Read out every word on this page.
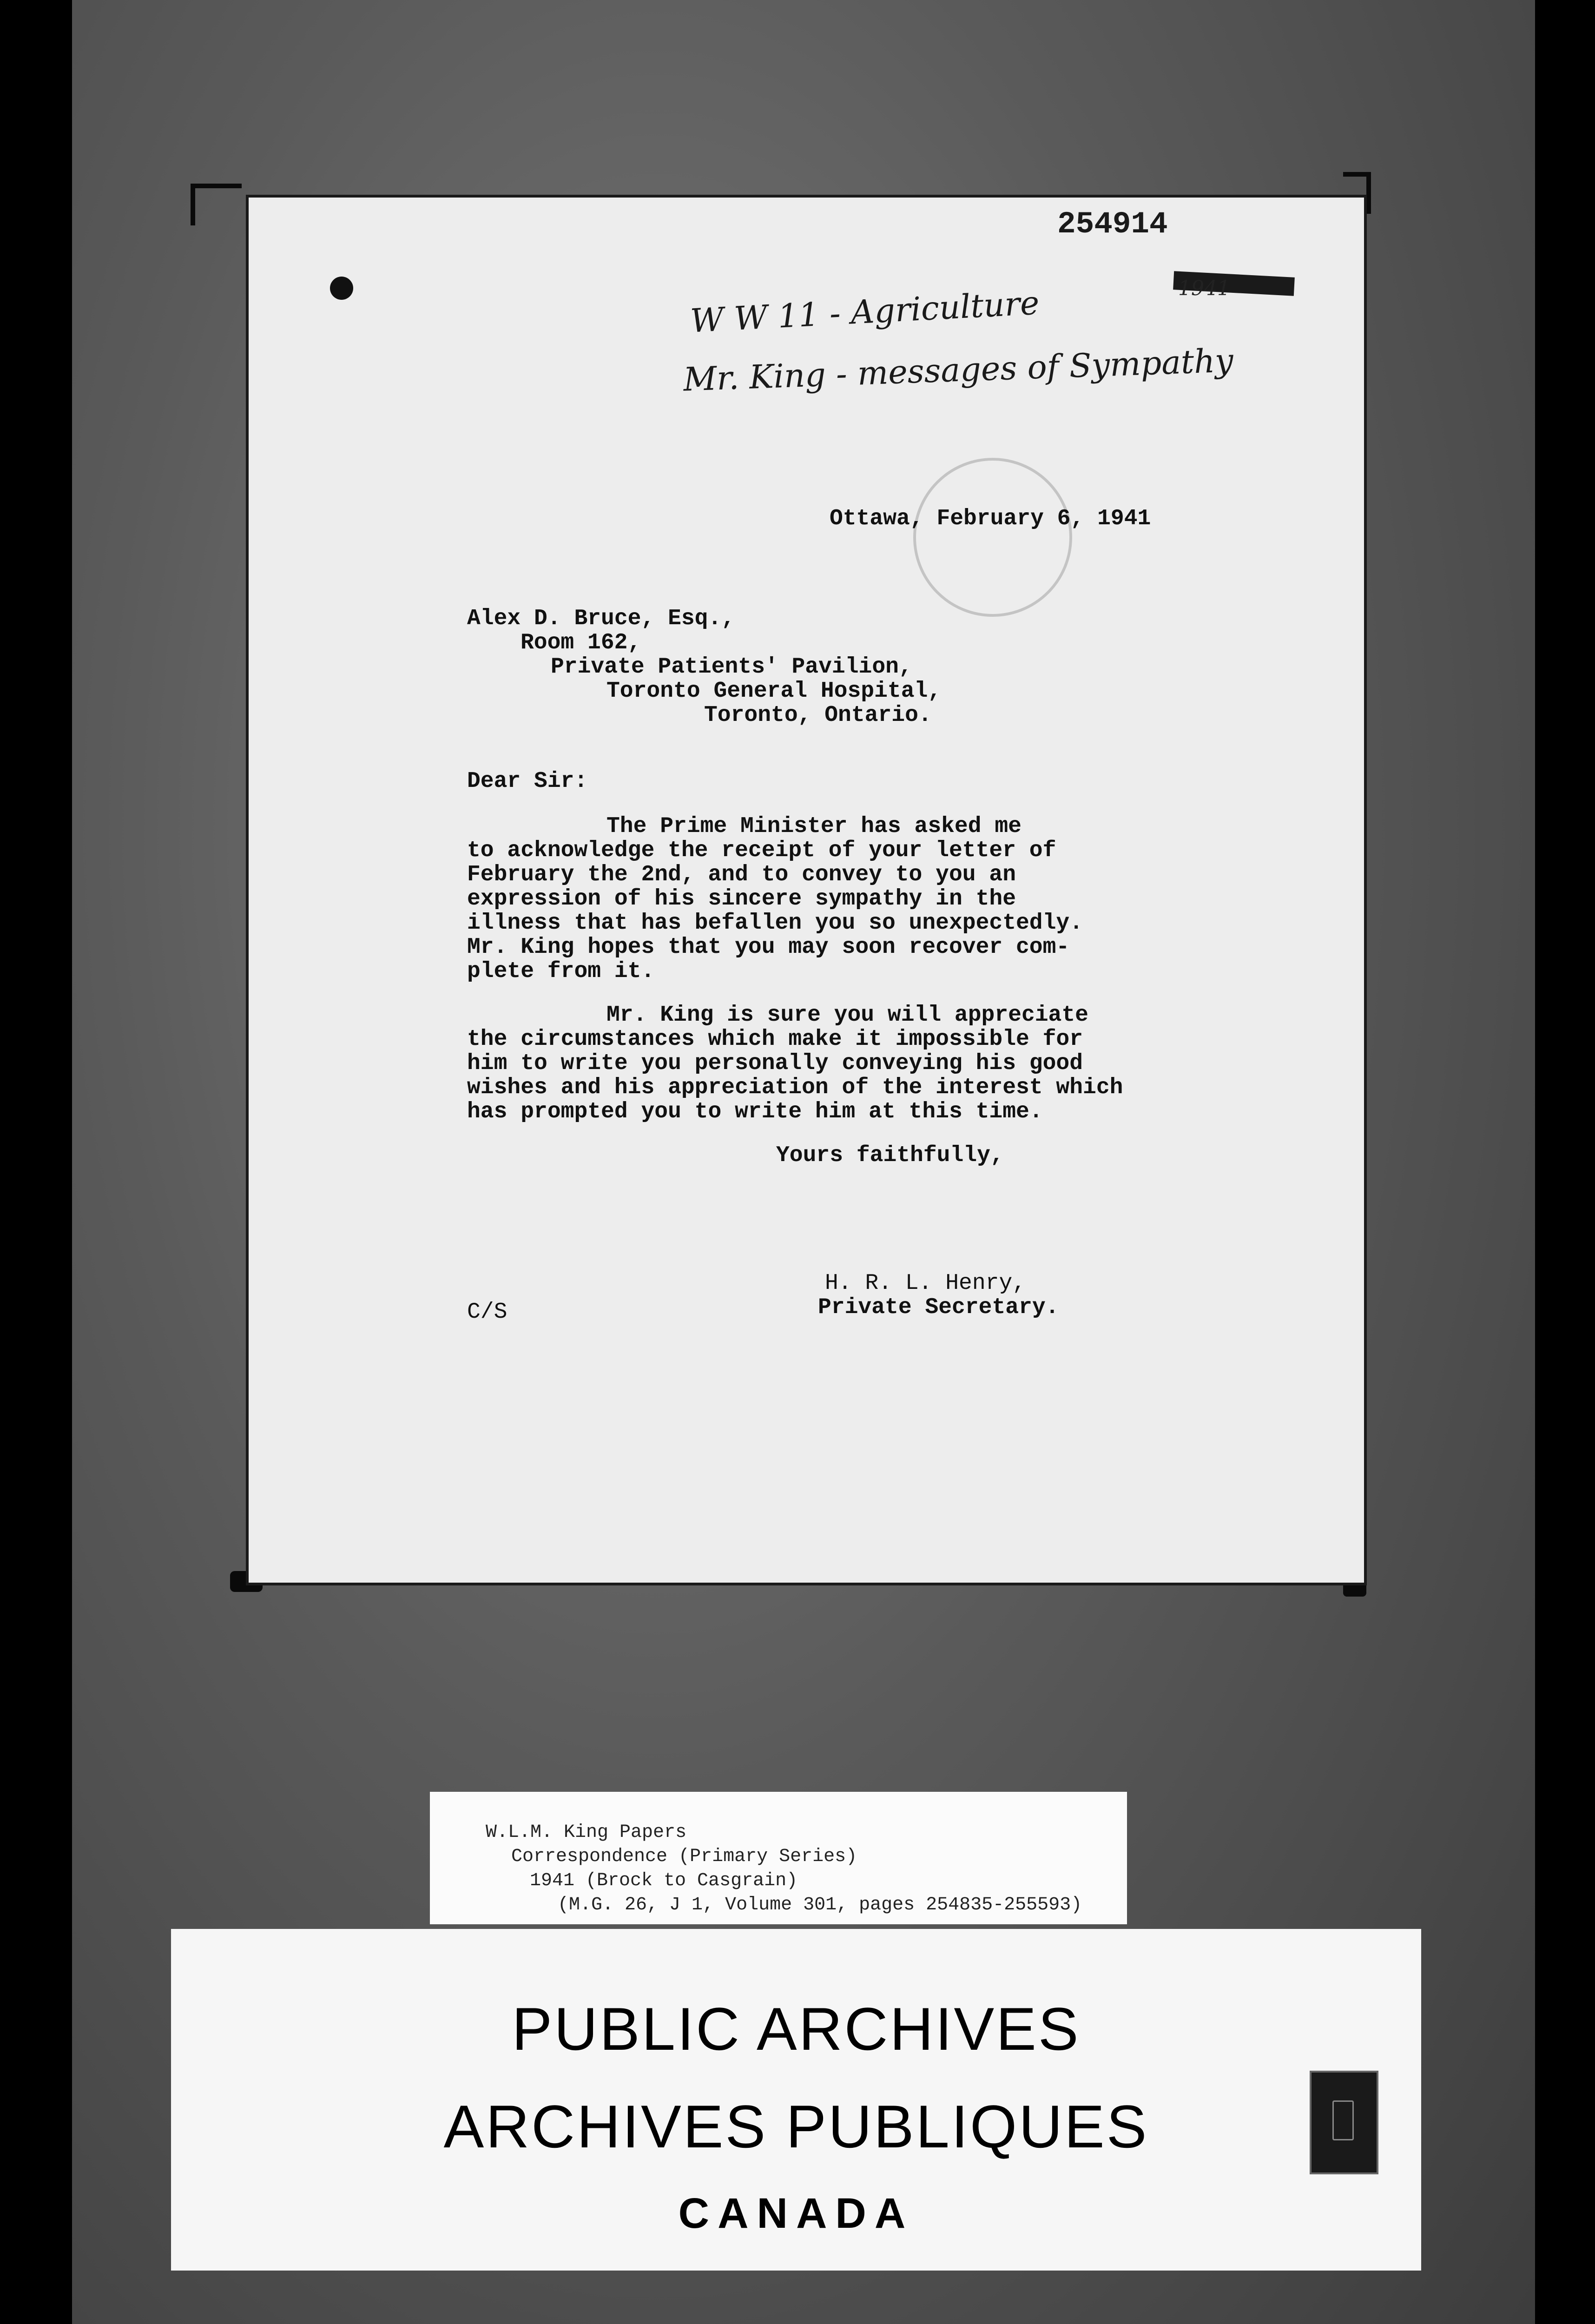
254914
1941
W W 11 - Agriculture
Mr. King - messages of Sympathy
Ottawa, February 6, 1941
Alex D. Bruce, Esq.,
Room 162,
Private Patients' Pavilion,
Toronto General Hospital,
Toronto, Ontario.
Dear Sir:
The Prime Minister has asked me
to acknowledge the receipt of your letter of
February the 2nd, and to convey to you an
expression of his sincere sympathy in the
illness that has befallen you so unexpectedly.
Mr. King hopes that you may soon recover com-
plete from it.
Mr. King is sure you will appreciate
the circumstances which make it impossible for
him to write you personally conveying his good
wishes and his appreciation of the interest which
has prompted you to write him at this time.
Yours faithfully,
H. R. L. Henry,
Private Secretary.
C/S
W.L.M. King Papers
Correspondence (Primary Series)
1941 (Brock to Casgrain)
(M.G. 26, J 1, Volume 301, pages 254835-255593)
PUBLIC ARCHIVES
ARCHIVES PUBLIQUES
CANADA
